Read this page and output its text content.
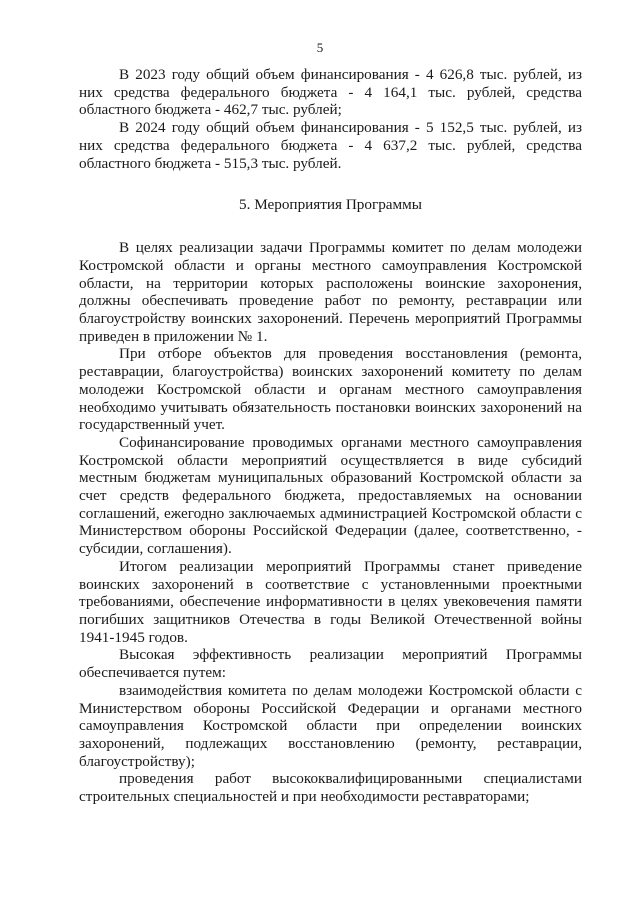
5

В 2023 году общий объем финансирования - 4 626,8 тыс. рублей, из них средства федерального бюджета - 4 164,1 тыс. рублей, средства областного бюджета - 462,7 тыс. рублей;

В 2024 году общий объем финансирования - 5 152,5 тыс. рублей, из них средства федерального бюджета - 4 637,2 тыс. рублей, средства областного бюджета - 515,3 тыс. рублей.

5. Мероприятия Программы

В целях реализации задачи Программы комитет по делам молодежи Костромской области и органы местного самоуправления Костромской области, на территории которых расположены воинские захоронения, должны обеспечивать проведение работ по ремонту, реставрации или благоустройству воинских захоронений. Перечень мероприятий Программы приведен в приложении № 1.

При отборе объектов для проведения восстановления (ремонта, реставрации, благоустройства) воинских захоронений комитету по делам молодежи Костромской области и органам местного самоуправления необходимо учитывать обязательность постановки воинских захоронений на государственный учет.

Софинансирование проводимых органами местного самоуправления Костромской области мероприятий осуществляется в виде субсидий местным бюджетам муниципальных образований Костромской области за счет средств федерального бюджета, предоставляемых на основании соглашений, ежегодно заключаемых администрацией Костромской области с Министерством обороны Российской Федерации (далее, соответственно, - субсидии, соглашения).

Итогом реализации мероприятий Программы станет приведение воинских захоронений в соответствие с установленными проектными требованиями, обеспечение информативности в целях увековечения памяти погибших защитников Отечества в годы Великой Отечественной войны 1941-1945 годов.

Высокая эффективность реализации мероприятий Программы обеспечивается путем:

взаимодействия комитета по делам молодежи Костромской области с Министерством обороны Российской Федерации и органами местного самоуправления Костромской области при определении воинских захоронений, подлежащих восстановлению (ремонту, реставрации, благоустройству);

проведения работ высококвалифицированными специалистами строительных специальностей и при необходимости реставраторами;
